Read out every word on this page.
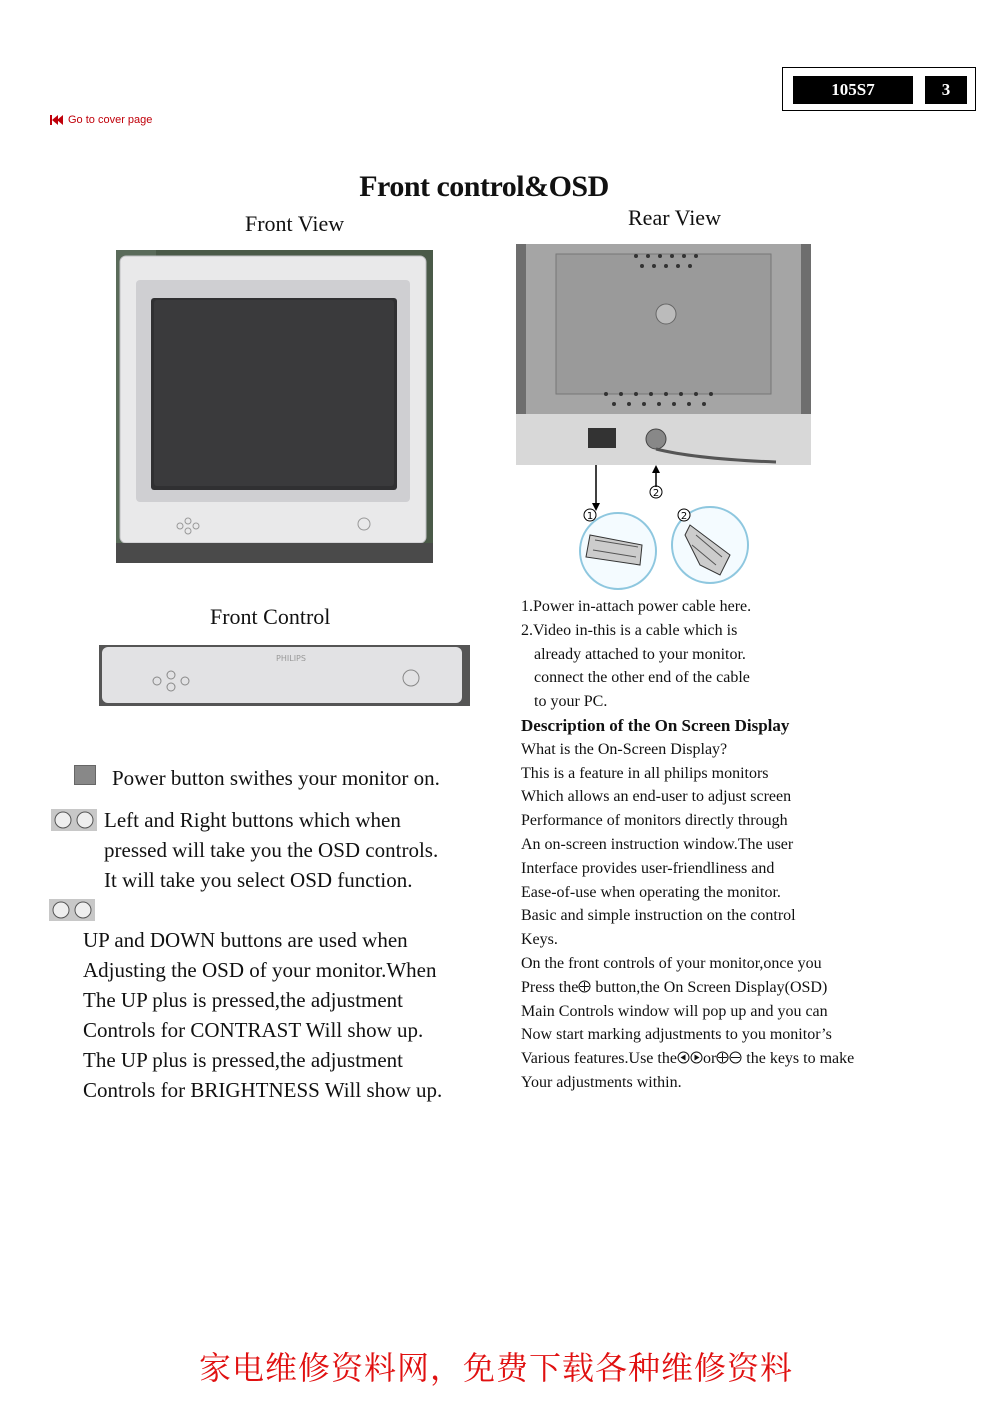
105S7	3
Go to cover page
Front control&OSD
Front View	Rear View
2
1	2
1.Power in-attach power cable here.
2.Video in-this is a cable which is
already attached to your monitor.
connect the other end of the cable
to your PC.
Front Control
PHILIPS
Power button swithes your monitor on.
Left and Right buttons which when
pressed will take you the OSD controls.
It will take you select OSD function.
UP and DOWN buttons are used when
Adjusting the OSD of your monitor.When
The UP plus is pressed,the adjustment
Controls for CONTRAST Will show up.
The UP plus is pressed,the adjustment
Controls for BRIGHTNESS Will show up.
Description of the On Screen Display
What is the On-Screen Display?
This is a feature in all philips monitors
Which allows an end-user to adjust screen
Performance of monitors directly through
An on-screen instruction window.The user
Interface provides user-friendliness and
Ease-of-use when operating the monitor.
Basic and simple instruction on the control
Keys.
On the front controls of your monitor,once you
Press the button,the On Screen Display(OSD)
Main Controls window will pop up and you can
Now start marking adjustments to you monitor’s
Various features.Use the or the keys to make
Your adjustments within.
家电维修资料网，免费下载各种维修资料
